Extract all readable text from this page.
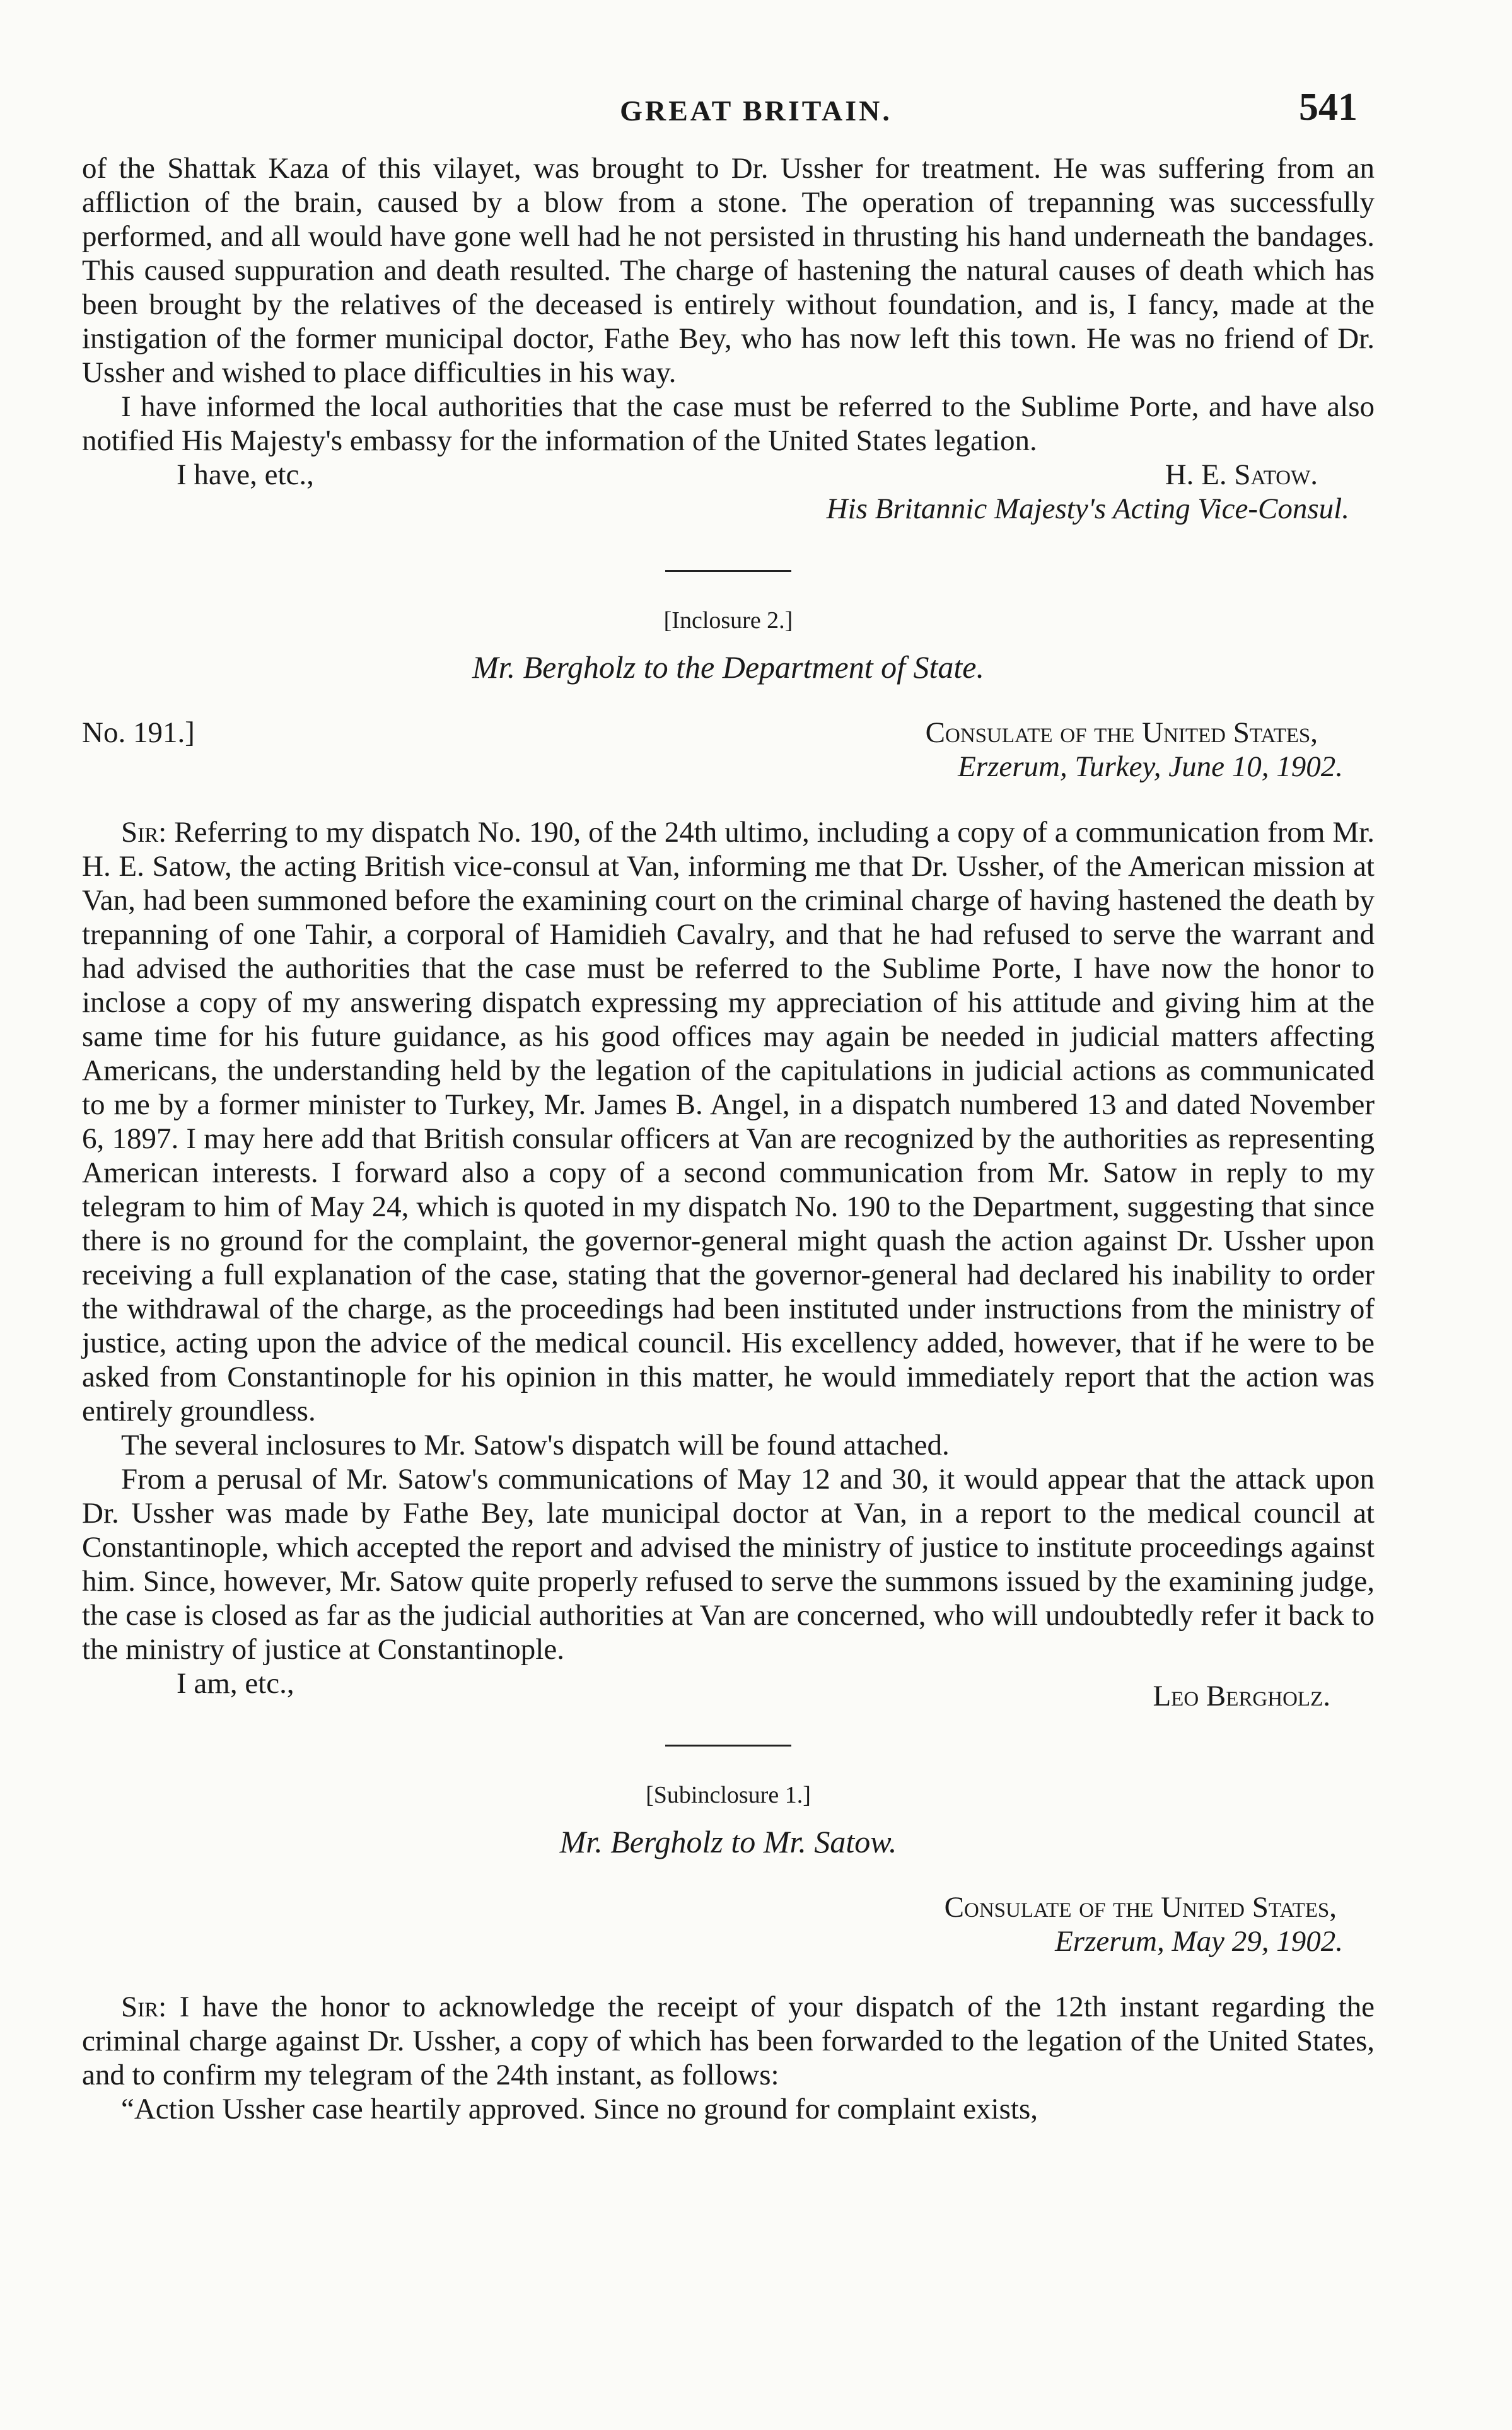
GREAT BRITAIN.	541

of the Shattak Kaza of this vilayet, was brought to Dr. Ussher for treatment. He was suffering from an affliction of the brain, caused by a blow from a stone. The operation of trepanning was successfully performed, and all would have gone well had he not persisted in thrusting his hand underneath the bandages. This caused suppuration and death resulted. The charge of hastening the natural causes of death which has been brought by the relatives of the deceased is entirely without foundation, and is, I fancy, made at the instigation of the former municipal doctor, Fathe Bey, who has now left this town. He was no friend of Dr. Ussher and wished to place difficulties in his way.

I have informed the local authorities that the case must be referred to the Sublime Porte, and have also notified His Majesty's embassy for the information of the United States legation.

I have, etc.,	H. E. Satow.
His Britannic Majesty's Acting Vice-Consul.
[Inclosure 2.]
Mr. Bergholz to the Department of State.
No. 191.]	Consulate of the United States,
Erzerum, Turkey, June 10, 1902.

Sir: Referring to my dispatch No. 190, of the 24th ultimo, including a copy of a communication from Mr. H. E. Satow, the acting British vice-consul at Van, informing me that Dr. Ussher, of the American mission at Van, had been summoned before the examining court on the criminal charge of having hastened the death by trepanning of one Tahir, a corporal of Hamidieh Cavalry, and that he had refused to serve the warrant and had advised the authorities that the case must be referred to the Sublime Porte, I have now the honor to inclose a copy of my answering dispatch expressing my appreciation of his attitude and giving him at the same time for his future guidance, as his good offices may again be needed in judicial matters affecting Americans, the understanding held by the legation of the capitulations in judicial actions as communicated to me by a former minister to Turkey, Mr. James B. Angel, in a dispatch numbered 13 and dated November 6, 1897. I may here add that British consular officers at Van are recognized by the authorities as representing American interests. I forward also a copy of a second communication from Mr. Satow in reply to my telegram to him of May 24, which is quoted in my dispatch No. 190 to the Department, suggesting that since there is no ground for the complaint, the governor-general might quash the action against Dr. Ussher upon receiving a full explanation of the case, stating that the governor-general had declared his inability to order the withdrawal of the charge, as the proceedings had been instituted under instructions from the ministry of justice, acting upon the advice of the medical council. His excellency added, however, that if he were to be asked from Constantinople for his opinion in this matter, he would immediately report that the action was entirely groundless.

The several inclosures to Mr. Satow's dispatch will be found attached.

From a perusal of Mr. Satow's communications of May 12 and 30, it would appear that the attack upon Dr. Ussher was made by Fathe Bey, late municipal doctor at Van, in a report to the medical council at Constantinople, which accepted the report and advised the ministry of justice to institute proceedings against him. Since, however, Mr. Satow quite properly refused to serve the summons issued by the examining judge, the case is closed as far as the judicial authorities at Van are concerned, who will undoubtedly refer it back to the ministry of justice at Constantinople.

I am, etc.,	Leo Bergholz.
[Subinclosure 1.]
Mr. Bergholz to Mr. Satow.
Consulate of the United States,
Erzerum, May 29, 1902.

Sir: I have the honor to acknowledge the receipt of your dispatch of the 12th instant regarding the criminal charge against Dr. Ussher, a copy of which has been forwarded to the legation of the United States, and to confirm my telegram of the 24th instant, as follows:

“Action Ussher case heartily approved. Since no ground for complaint exists,
